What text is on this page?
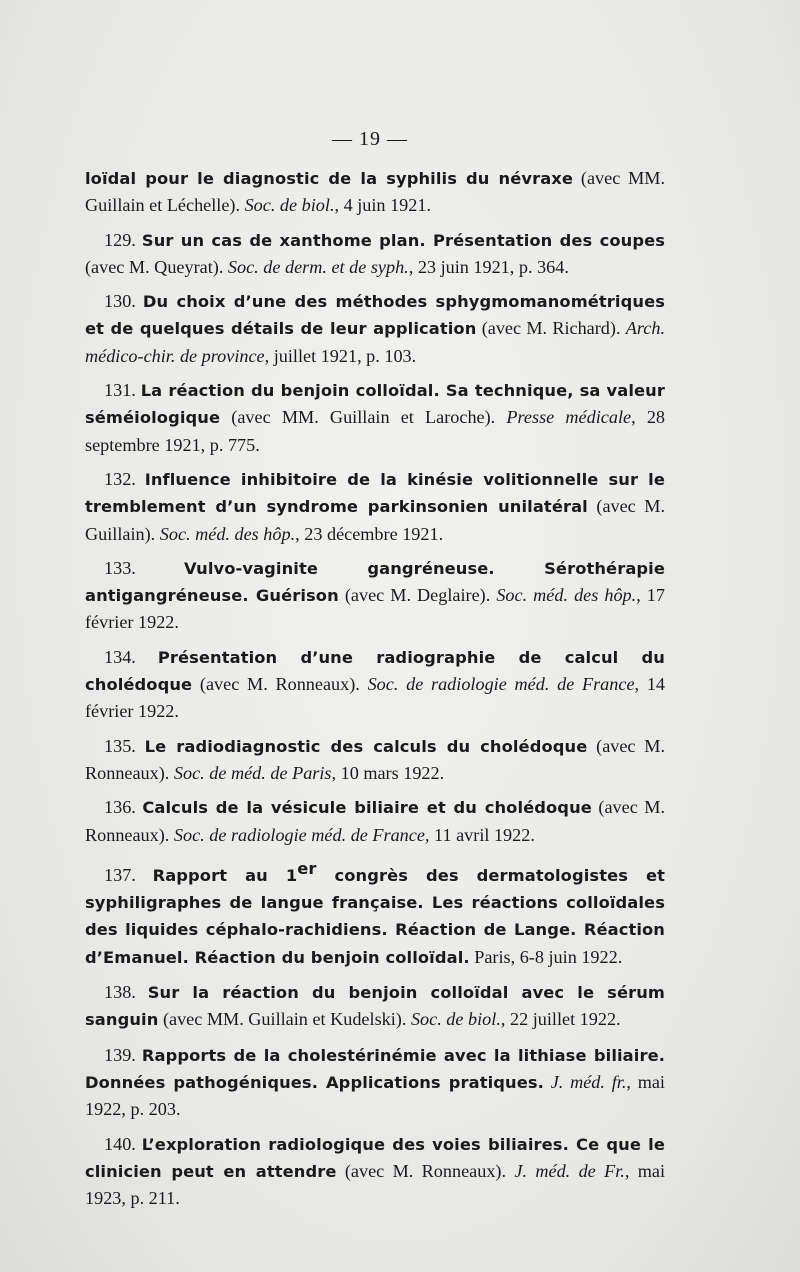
— 19 —

loïdal pour le diagnostic de la syphilis du névraxe (avec MM. Guillain et Léchelle). Soc. de biol., 4 juin 1921.

129. Sur un cas de xanthome plan. Présentation des coupes (avec M. Queyrat). Soc. de derm. et de syph., 23 juin 1921, p. 364.

130. Du choix d’une des méthodes sphygmomanométriques et de quelques détails de leur application (avec M. Richard). Arch. médico-chir. de province, juillet 1921, p. 103.

131. La réaction du benjoin colloïdal. Sa technique, sa valeur séméiologique (avec MM. Guillain et Laroche). Presse médicale, 28 septembre 1921, p. 775.

132. Influence inhibitoire de la kinésie volitionnelle sur le tremblement d’un syndrome parkinsonien unilatéral (avec M. Guillain). Soc. méd. des hôp., 23 décembre 1921.

133. Vulvo-vaginite gangréneuse. Sérothérapie antigangréneuse. Guérison (avec M. Deglaire). Soc. méd. des hôp., 17 février 1922.

134. Présentation d’une radiographie de calcul du cholédoque (avec M. Ronneaux). Soc. de radiologie méd. de France, 14 février 1922.

135. Le radiodiagnostic des calculs du cholédoque (avec M. Ronneaux). Soc. de méd. de Paris, 10 mars 1922.

136. Calculs de la vésicule biliaire et du cholédoque (avec M. Ronneaux). Soc. de radiologie méd. de France, 11 avril 1922.

137. Rapport au 1er congrès des dermatologistes et syphiligraphes de langue française. Les réactions colloïdales des liquides céphalo-rachidiens. Réaction de Lange. Réaction d’Emanuel. Réaction du benjoin colloïdal. Paris, 6-8 juin 1922.

138. Sur la réaction du benjoin colloïdal avec le sérum sanguin (avec MM. Guillain et Kudelski). Soc. de biol., 22 juillet 1922.

139. Rapports de la cholestérinémie avec la lithiase biliaire. Données pathogéniques. Applications pratiques. J. méd. fr., mai 1922, p. 203.

140. L’exploration radiologique des voies biliaires. Ce que le clinicien peut en attendre (avec M. Ronneaux). J. méd. de Fr., mai 1923, p. 211.
